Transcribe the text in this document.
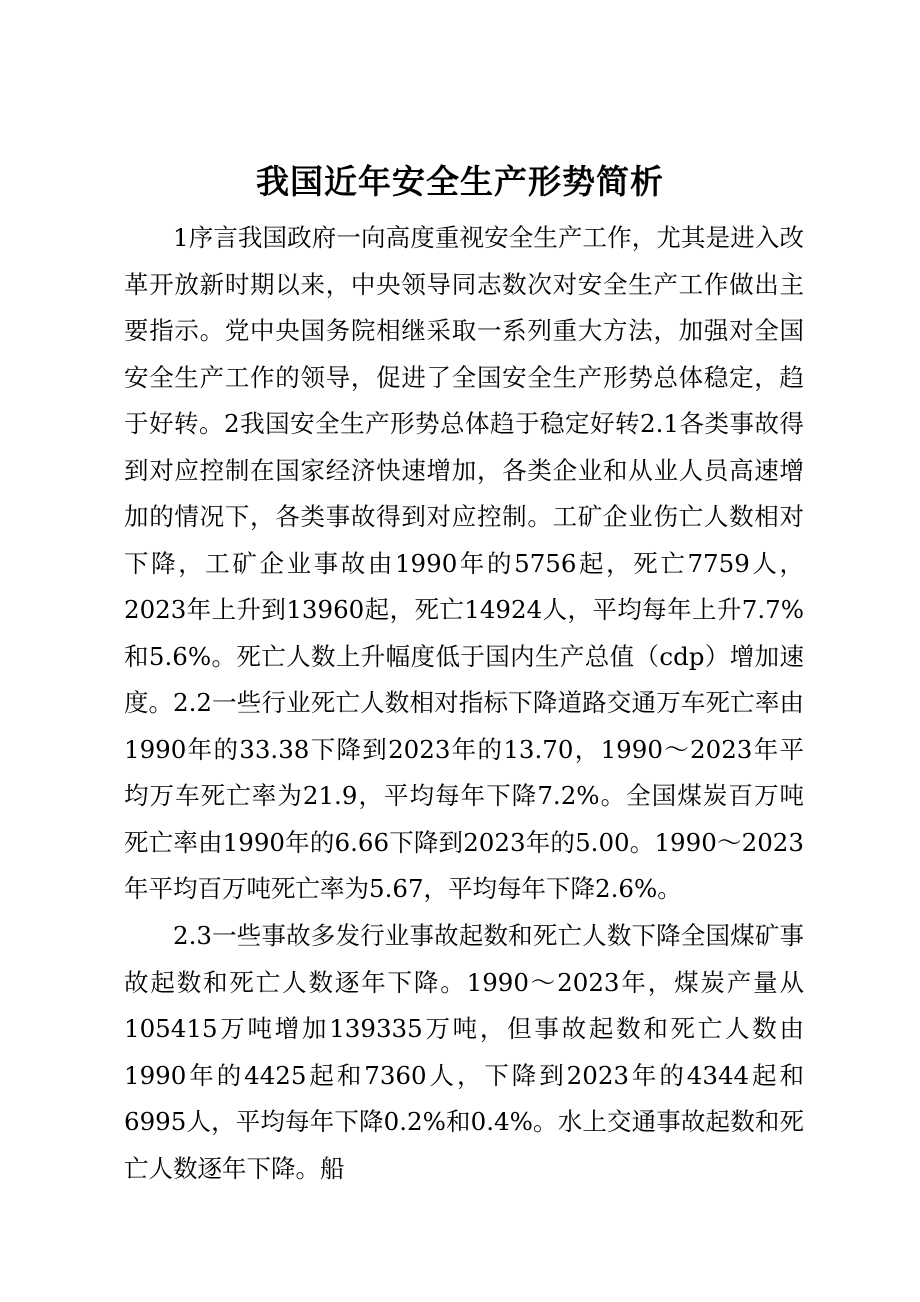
我国近年安全生产形势简析

1序言我国政府一向高度重视安全生产工作，尤其是进入改革开放新时期以来，中央领导同志数次对安全生产工作做出主要指示。党中央国务院相继采取一系列重大方法，加强对全国安全生产工作的领导，促进了全国安全生产形势总体稳定，趋于好转。2我国安全生产形势总体趋于稳定好转2.1各类事故得到对应控制在国家经济快速增加，各类企业和从业人员高速增加的情况下，各类事故得到对应控制。工矿企业伤亡人数相对下降，工矿企业事故由1990年的5756起，死亡7759人，2023年上升到13960起，死亡14924人，平均每年上升7.7%和5.6%。死亡人数上升幅度低于国内生产总值（cdp）增加速度。 2.2一些行业死亡人数相对指标下降道路交通万车死亡率由1990年的33.38下降到2023年的13.70，1990～2023年平均万车死亡率为21.9，平均每年下降7.2%。全国煤炭百万吨死亡率由1990年的6.66下降到2023年的5.00。1990～2023年平均百万吨死亡率为5.67，平均每年下降2.6%。

2.3一些事故多发行业事故起数和死亡人数下降全国煤矿事故起数和死亡人数逐年下降。1990～2023年，煤炭产量从105415万吨增加139335万吨，但事故起数和死亡人数由1990年的4425起和7360人，下降到2023年的4344起和6995人，平均每年下降0.2%和0.4%。水上交通事故起数和死亡人数逐年下降。船
